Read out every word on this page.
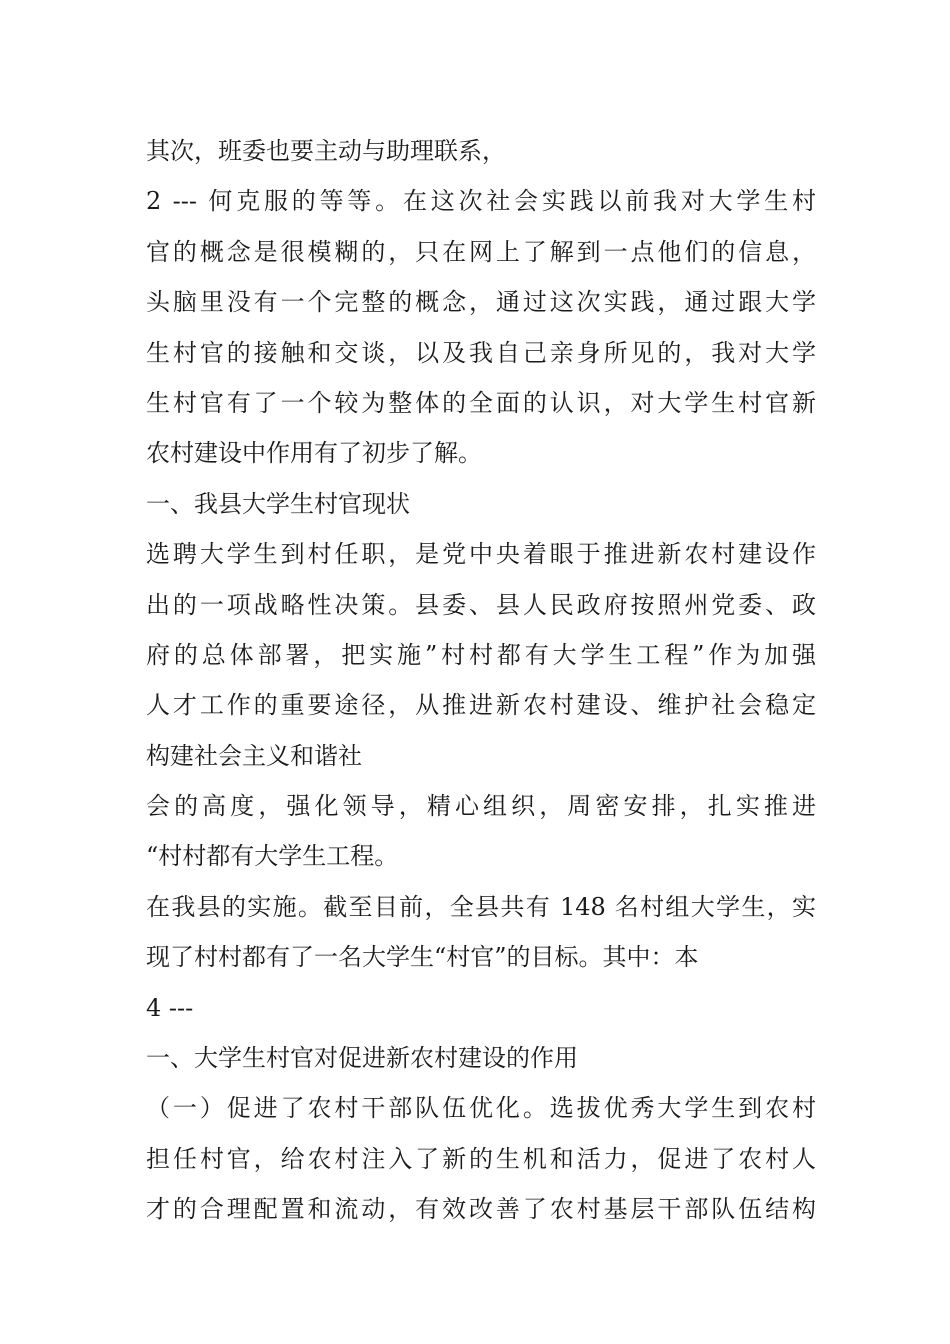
其次，班委也要主动与助理联系，
2 --- 何克服的等等。在这次社会实践以前我对大学生村
官的概念是很模糊的，只在网上了解到一点他们的信息，
头脑里没有一个完整的概念，通过这次实践，通过跟大学
生村官的接触和交谈，以及我自己亲身所见的，我对大学
生村官有了一个较为整体的全面的认识，对大学生村官新
农村建设中作用有了初步了解。
一、我县大学生村官现状
选聘大学生到村任职，是党中央着眼于推进新农村建设作
出的一项战略性决策。县委、县人民政府按照州党委、政
府的总体部署，把实施”村村都有大学生工程”作为加强
人才工作的重要途径，从推进新农村建设、维护社会稳定
构建社会主义和谐社
会的高度，强化领导，精心组织，周密安排，扎实推进
“村村都有大学生工程。
在我县的实施。截至目前，全县共有 148 名村组大学生，实
现了村村都有了一名大学生“村官”的目标。其中：本
4 ---
一、大学生村官对促进新农村建设的作用
（一）促进了农村干部队伍优化。选拔优秀大学生到农村
担任村官，给农村注入了新的生机和活力，促进了农村人
才的合理配置和流动，有效改善了农村基层干部队伍结构
